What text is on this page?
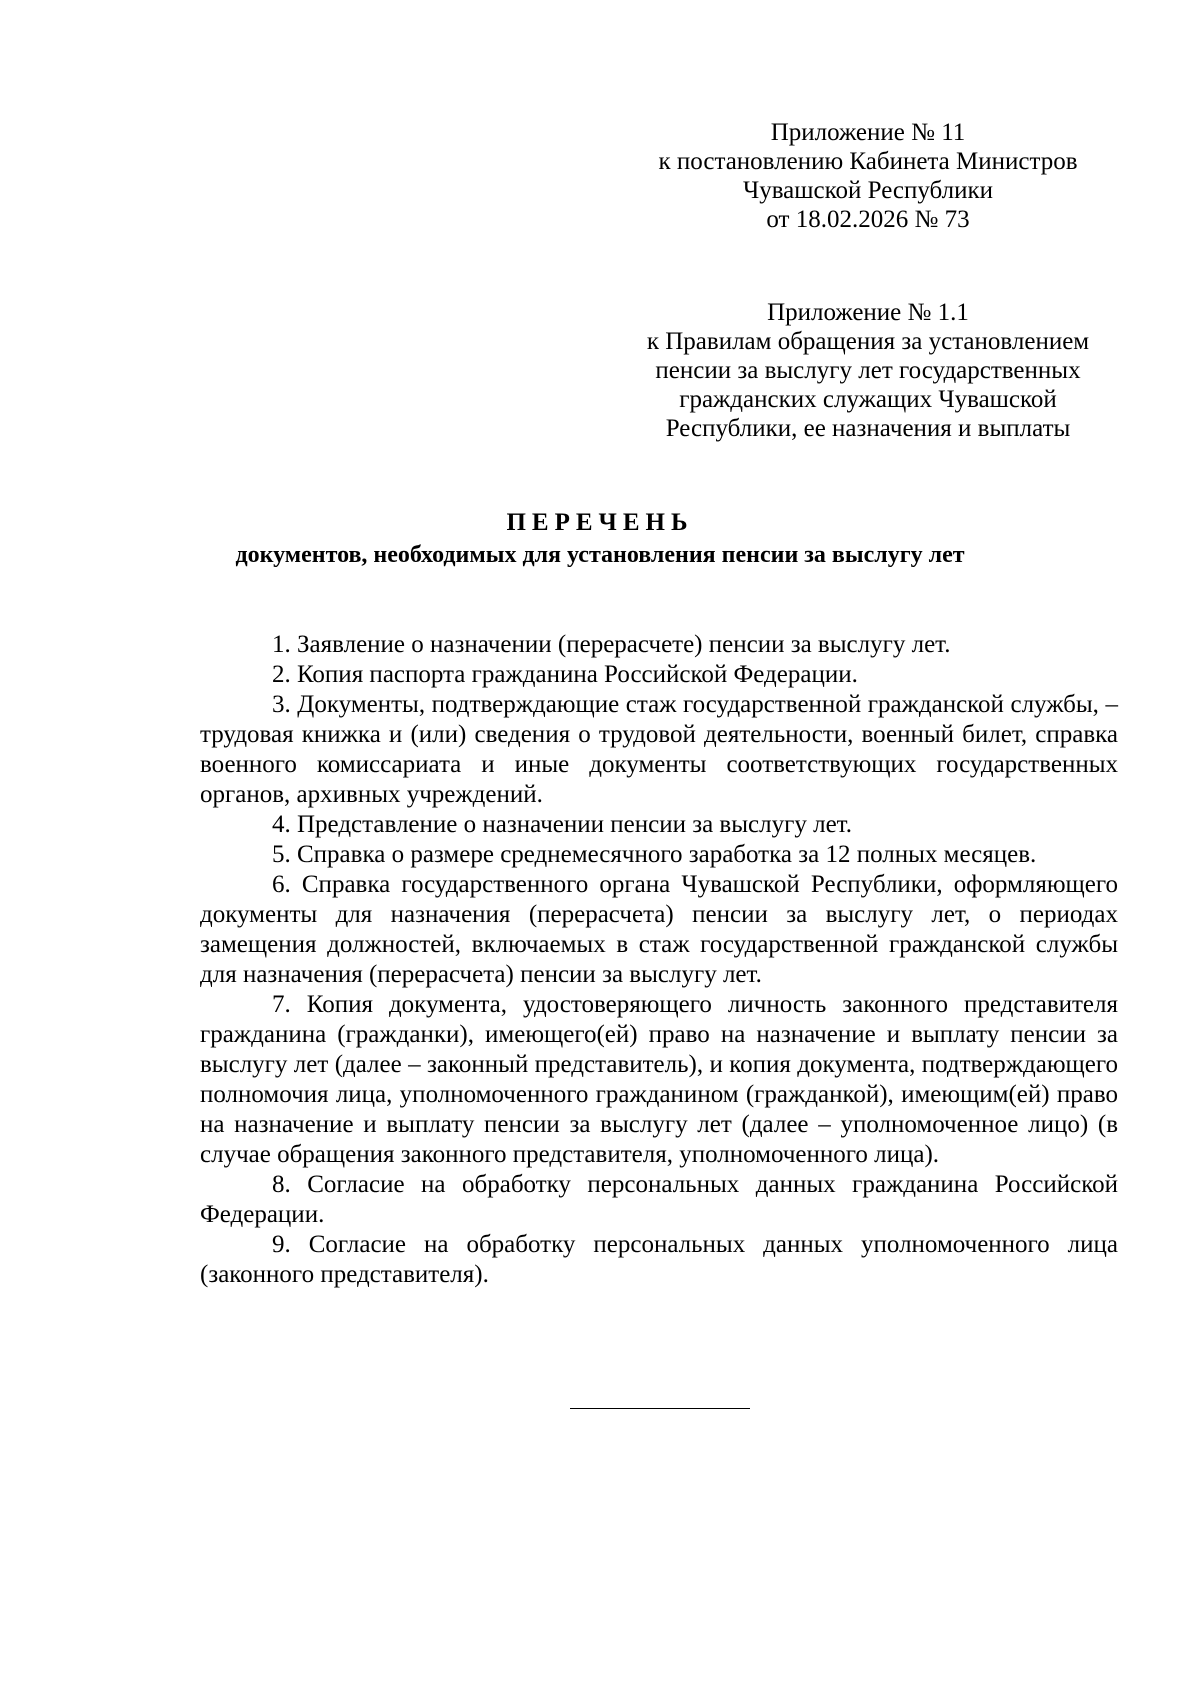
Приложение № 11
к постановлению Кабинета Министров
Чувашской Республики
от 18.02.2026 № 73
Приложение № 1.1
к Правилам обращения за установлением
пенсии за выслугу лет государственных
гражданских служащих Чувашской
Республики, ее назначения и выплаты
ПЕРЕЧЕНЬ
документов, необходимых для установления пенсии за выслугу лет
1. Заявление о назначении (перерасчете) пенсии за выслугу лет.
2. Копия паспорта гражданина Российской Федерации.
3. Документы, подтверждающие стаж государственной гражданской службы, – трудовая книжка и (или) сведения о трудовой деятельности, военный билет, справка военного комиссариата и иные документы соответствующих государственных органов, архивных учреждений.
4. Представление о назначении пенсии за выслугу лет.
5. Справка о размере среднемесячного заработка за 12 полных месяцев.
6. Справка государственного органа Чувашской Республики, оформляющего документы для назначения (перерасчета) пенсии за выслугу лет, о периодах замещения должностей, включаемых в стаж государственной гражданской службы для назначения (перерасчета) пенсии за выслугу лет.
7. Копия документа, удостоверяющего личность законного представителя гражданина (гражданки), имеющего(ей) право на назначение и выплату пенсии за выслугу лет (далее – законный представитель), и копия документа, подтверждающего полномочия лица, уполномоченного гражданином (гражданкой), имеющим(ей) право на назначение и выплату пенсии за выслугу лет (далее – уполномоченное лицо) (в случае обращения законного представителя, уполномоченного лица).
8. Согласие на обработку персональных данных гражданина Российской Федерации.
9. Согласие на обработку персональных данных уполномоченного лица (законного представителя).
